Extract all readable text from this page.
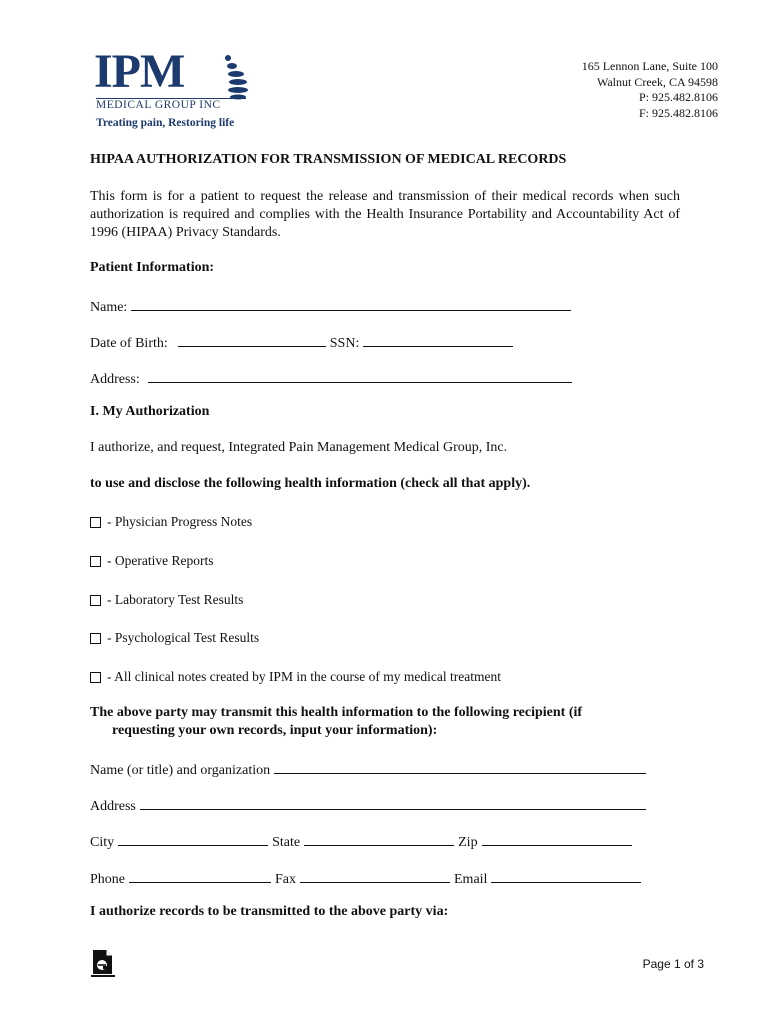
IPM
MEDICAL GROUP INC
Treating pain, Restoring life
165 Lennon Lane, Suite 100
Walnut Creek, CA 94598
P: 925.482.8106
F: 925.482.8106
HIPAA AUTHORIZATION FOR TRANSMISSION OF MEDICAL RECORDS
This form is for a patient to request the release and transmission of their medical records when such authorization is required and complies with the Health Insurance Portability and Accountability Act of 1996 (HIPAA) Privacy Standards.
Patient Information:
Name:
Date of Birth:	SSN:
Address:
I. My Authorization
I authorize, and request, Integrated Pain Management Medical Group, Inc.
to use and disclose the following health information (check all that apply).
- Physician Progress Notes
- Operative Reports
- Laboratory Test Results
- Psychological Test Results
- All clinical notes created by IPM in the course of my medical treatment
The above party may transmit this health information to the following recipient (if
requesting your own records, input your information):
Name (or title) and organization
Address
City	State	Zip
Phone	Fax	Email
I authorize records to be transmitted to the above party via:
Page 1 of 3
